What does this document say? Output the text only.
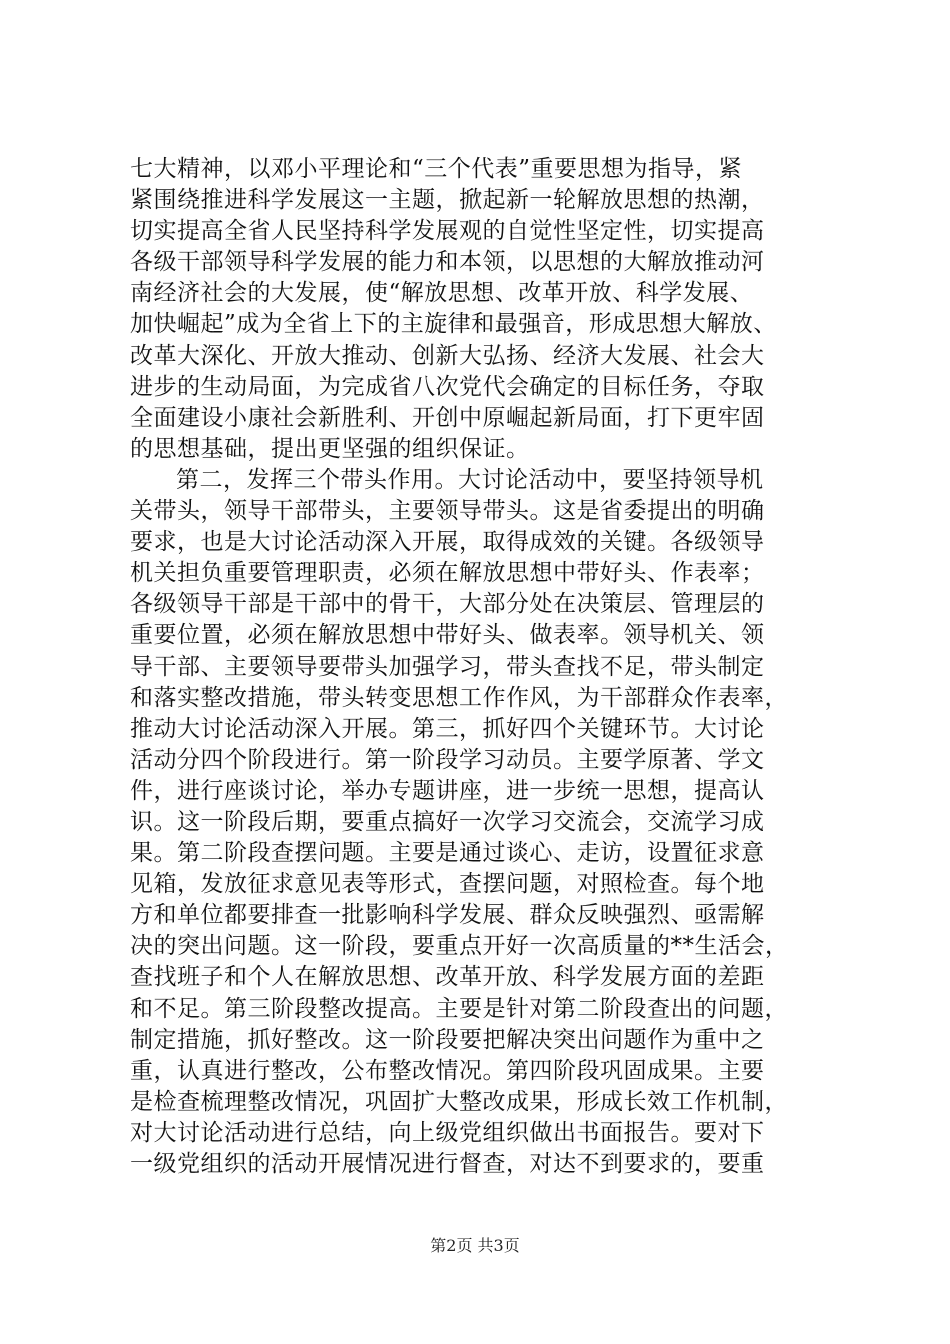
七大精神，以邓小平理论和“三个代表”重要思想为指导，紧
紧围绕推进科学发展这一主题，掀起新一轮解放思想的热潮，
切实提高全省人民坚持科学发展观的自觉性坚定性，切实提高
各级干部领导科学发展的能力和本领，以思想的大解放推动河
南经济社会的大发展，使“解放思想、改革开放、科学发展、
加快崛起”成为全省上下的主旋律和最强音，形成思想大解放、
改革大深化、开放大推动、创新大弘扬、经济大发展、社会大
进步的生动局面，为完成省八次党代会确定的目标任务，夺取
全面建设小康社会新胜利、开创中原崛起新局面，打下更牢固
的思想基础，提出更坚强的组织保证。
第二，发挥三个带头作用。大讨论活动中，要坚持领导机
关带头，领导干部带头，主要领导带头。这是省委提出的明确
要求，也是大讨论活动深入开展，取得成效的关键。各级领导
机关担负重要管理职责，必须在解放思想中带好头、作表率；
各级领导干部是干部中的骨干，大部分处在决策层、管理层的
重要位置，必须在解放思想中带好头、做表率。领导机关、领
导干部、主要领导要带头加强学习，带头查找不足，带头制定
和落实整改措施，带头转变思想工作作风，为干部群众作表率，
推动大讨论活动深入开展。第三，抓好四个关键环节。大讨论
活动分四个阶段进行。第一阶段学习动员。主要学原著、学文
件，进行座谈讨论，举办专题讲座，进一步统一思想，提高认
识。这一阶段后期，要重点搞好一次学习交流会，交流学习成
果。第二阶段查摆问题。主要是通过谈心、走访，设置征求意
见箱，发放征求意见表等形式，查摆问题，对照检查。每个地
方和单位都要排查一批影响科学发展、群众反映强烈、亟需解
决的突出问题。这一阶段，要重点开好一次高质量的**生活会，
查找班子和个人在解放思想、改革开放、科学发展方面的差距
和不足。第三阶段整改提高。主要是针对第二阶段查出的问题，
制定措施，抓好整改。这一阶段要把解决突出问题作为重中之
重，认真进行整改，公布整改情况。第四阶段巩固成果。主要
是检查梳理整改情况，巩固扩大整改成果，形成长效工作机制，
对大讨论活动进行总结，向上级党组织做出书面报告。要对下
一级党组织的活动开展情况进行督查，对达不到要求的，要重
第2页 共3页
